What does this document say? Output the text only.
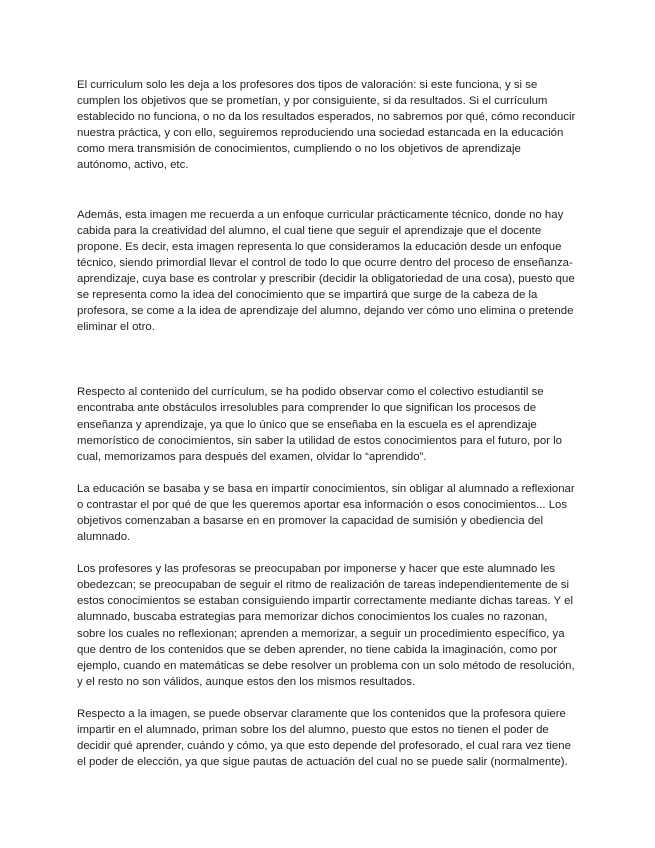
El curriculum solo les deja a los profesores dos tipos de valoración: si este funciona, y si se cumplen los objetivos que se prometían, y por consiguiente, si da resultados. Si el currículum establecido no funciona, o no da los resultados esperados, no sabremos por qué, cómo reconducir nuestra práctica, y con ello, seguiremos reproduciendo una sociedad estancada en la educación como mera transmisión de conocimientos, cumpliendo o no los objetivos de aprendizaje autónomo, activo, etc.

Además, esta imagen me recuerda a un enfoque curricular prácticamente técnico, donde no hay cabida para la creatividad del alumno, el cual tiene que seguir el aprendizaje que el docente propone. Es decir, esta imagen representa lo que consideramos la educación desde un enfoque técnico, siendo primordial llevar el control de todo lo que ocurre dentro del proceso de enseñanza-aprendizaje, cuya base es controlar y prescribir (decidir la obligatoriedad de una cosa), puesto que se representa como la idea del conocimiento que se impartirá que surge de la cabeza de la profesora, se come a la idea de aprendizaje del alumno, dejando ver cómo uno elimina o pretende eliminar el otro.

Respecto al contenido del currículum, se ha podido observar como el colectivo estudiantil se encontraba ante obstáculos irresolubles para comprender lo que significan los procesos de enseñanza y aprendizaje, ya que lo único que se enseñaba en la escuela es el aprendizaje memorístico de conocimientos, sin saber la utilidad de estos conocimientos para el futuro, por lo cual, memorizamos para después del examen, olvidar lo “aprendido”.

La educación se basaba y se basa en impartir conocimientos, sin obligar al alumnado a reflexionar o contrastar el por qué de que les queremos aportar esa información o esos conocimientos... Los objetivos comenzaban a basarse en en promover la capacidad de sumisión y obediencia del alumnado.

Los profesores y las profesoras se preocupaban por imponerse y hacer que este alumnado les obedezcan; se preocupaban de seguir el ritmo de realización de tareas independientemente de si estos conocimientos se estaban consiguiendo impartir correctamente mediante dichas tareas. Y el alumnado, buscaba estrategias para memorizar dichos conocimientos los cuales no razonan, sobre los cuales no reflexionan; aprenden a memorizar, a seguir un procedimiento específico, ya que dentro de los contenidos que se deben aprender, no tiene cabida la imaginación, como por ejemplo, cuando en matemáticas se debe resolver un problema con un solo método de resolución, y el resto no son válidos, aunque estos den los mismos resultados.

Respecto a la imagen, se puede observar claramente que los contenidos que la profesora quiere impartir en el alumnado, priman sobre los del alumno, puesto que estos no tienen el poder de decidir qué aprender, cuándo y cómo, ya que esto depende del profesorado, el cual rara vez tiene el poder de elección, ya que sigue pautas de actuación del cual no se puede salir (normalmente).
